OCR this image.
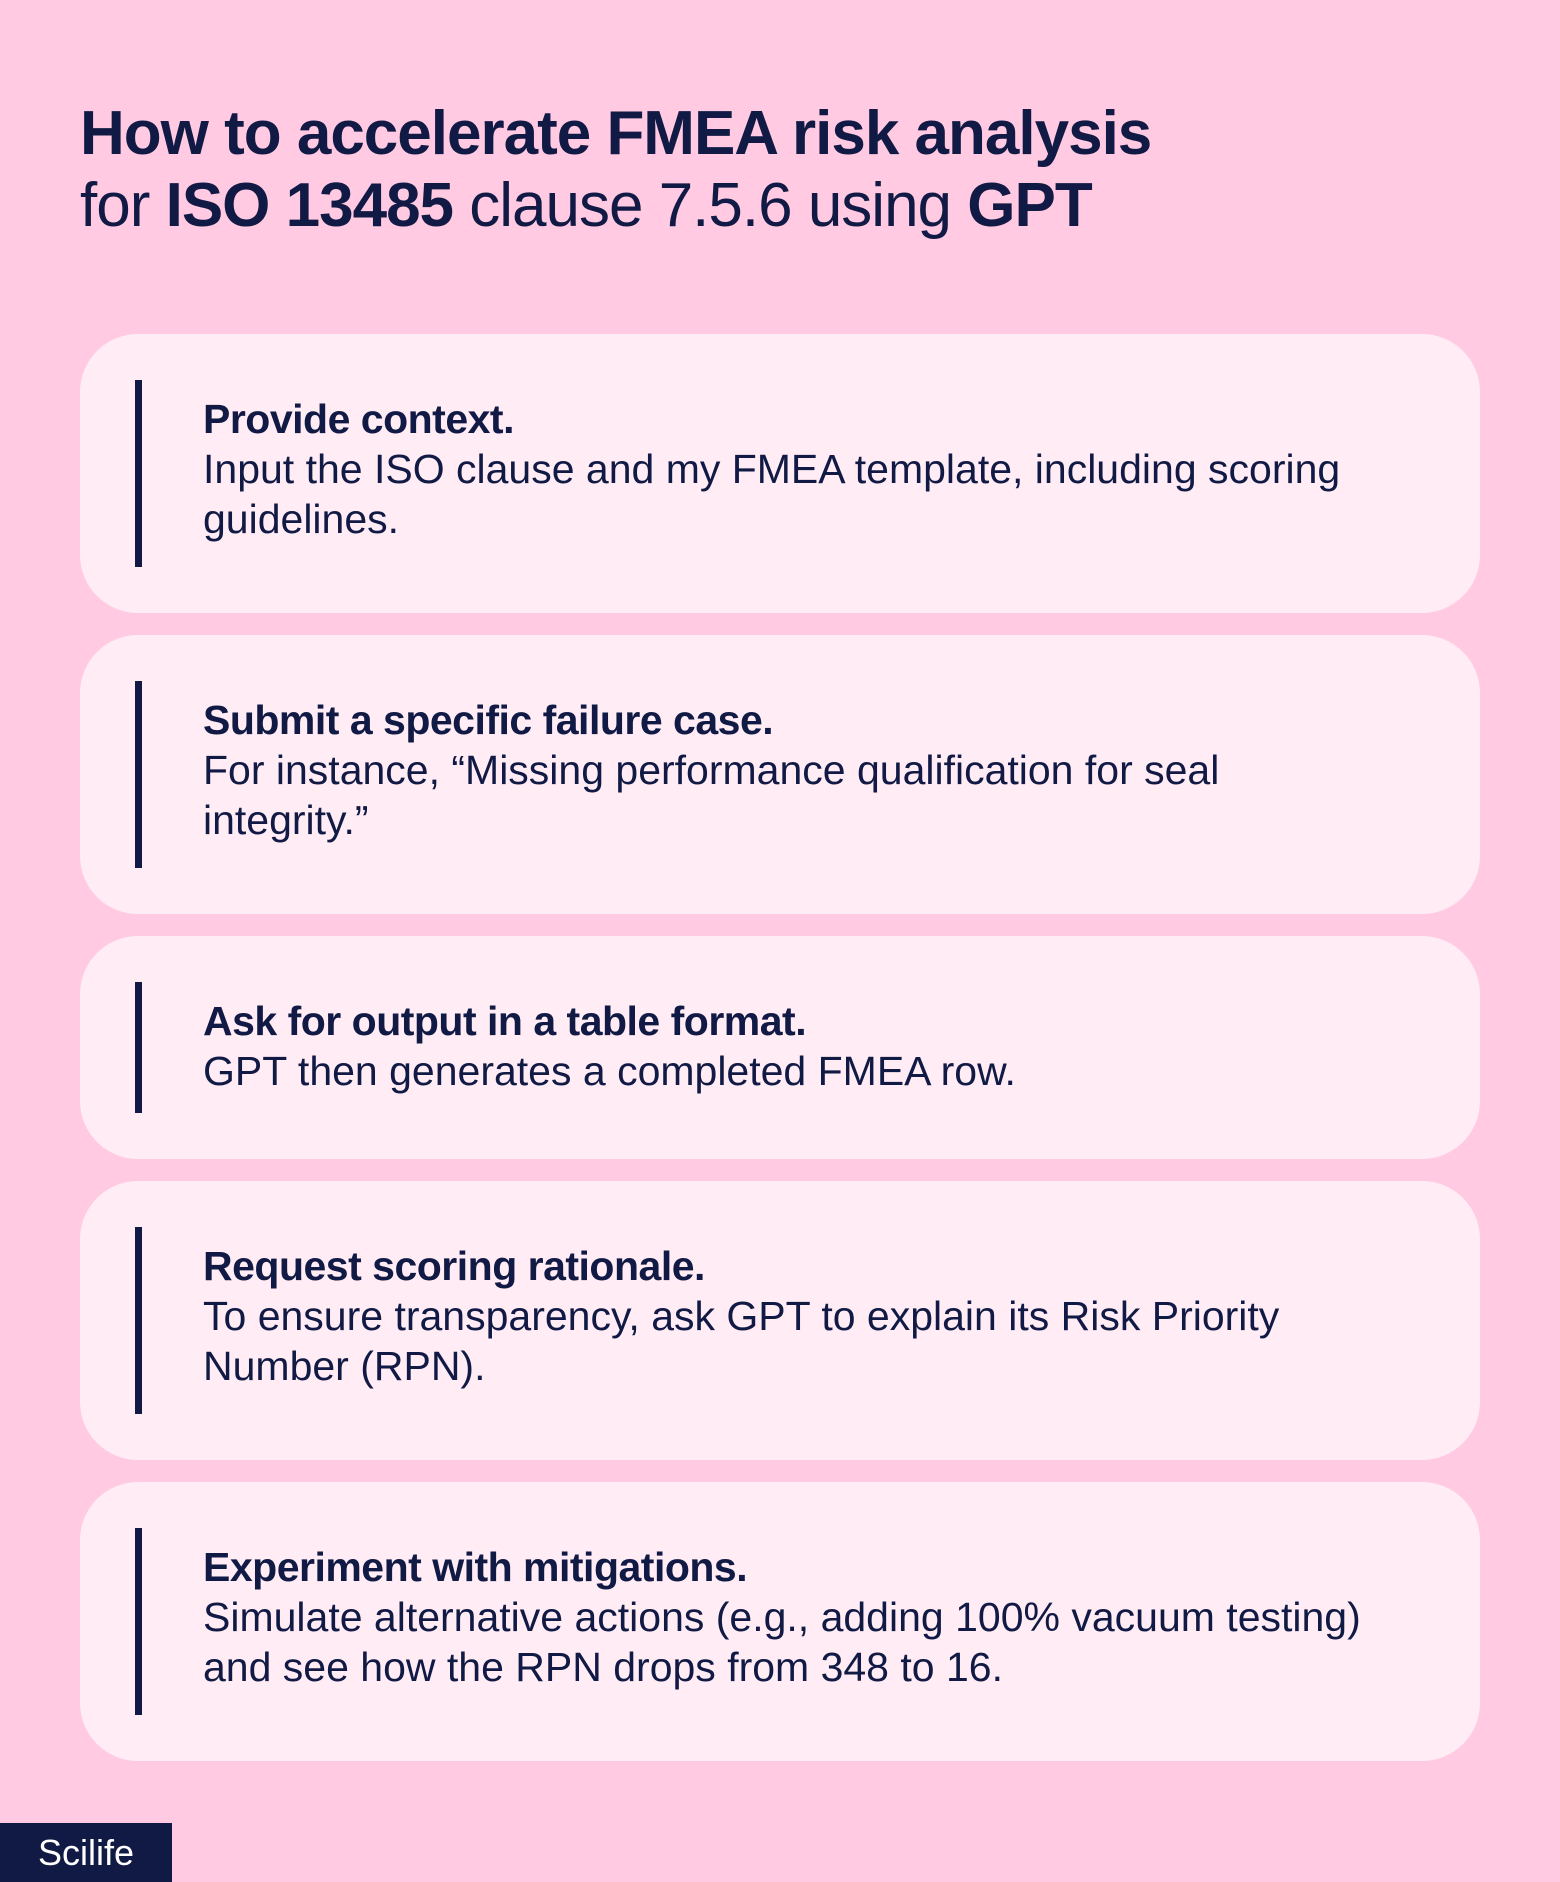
How to accelerate FMEA risk analysis
for ISO 13485 clause 7.5.6 using GPT
Provide context.
Input the ISO clause and my FMEA template, including scoring guidelines.
Submit a specific failure case.
For instance, “Missing performance qualification for seal integrity.”
Ask for output in a table format.
GPT then generates a completed FMEA row.
Request scoring rationale.
To ensure transparency, ask GPT to explain its Risk Priority Number (RPN).
Experiment with mitigations.
Simulate alternative actions (e.g., adding 100% vacuum testing) and see how the RPN drops from 348 to 16.
Scilife
